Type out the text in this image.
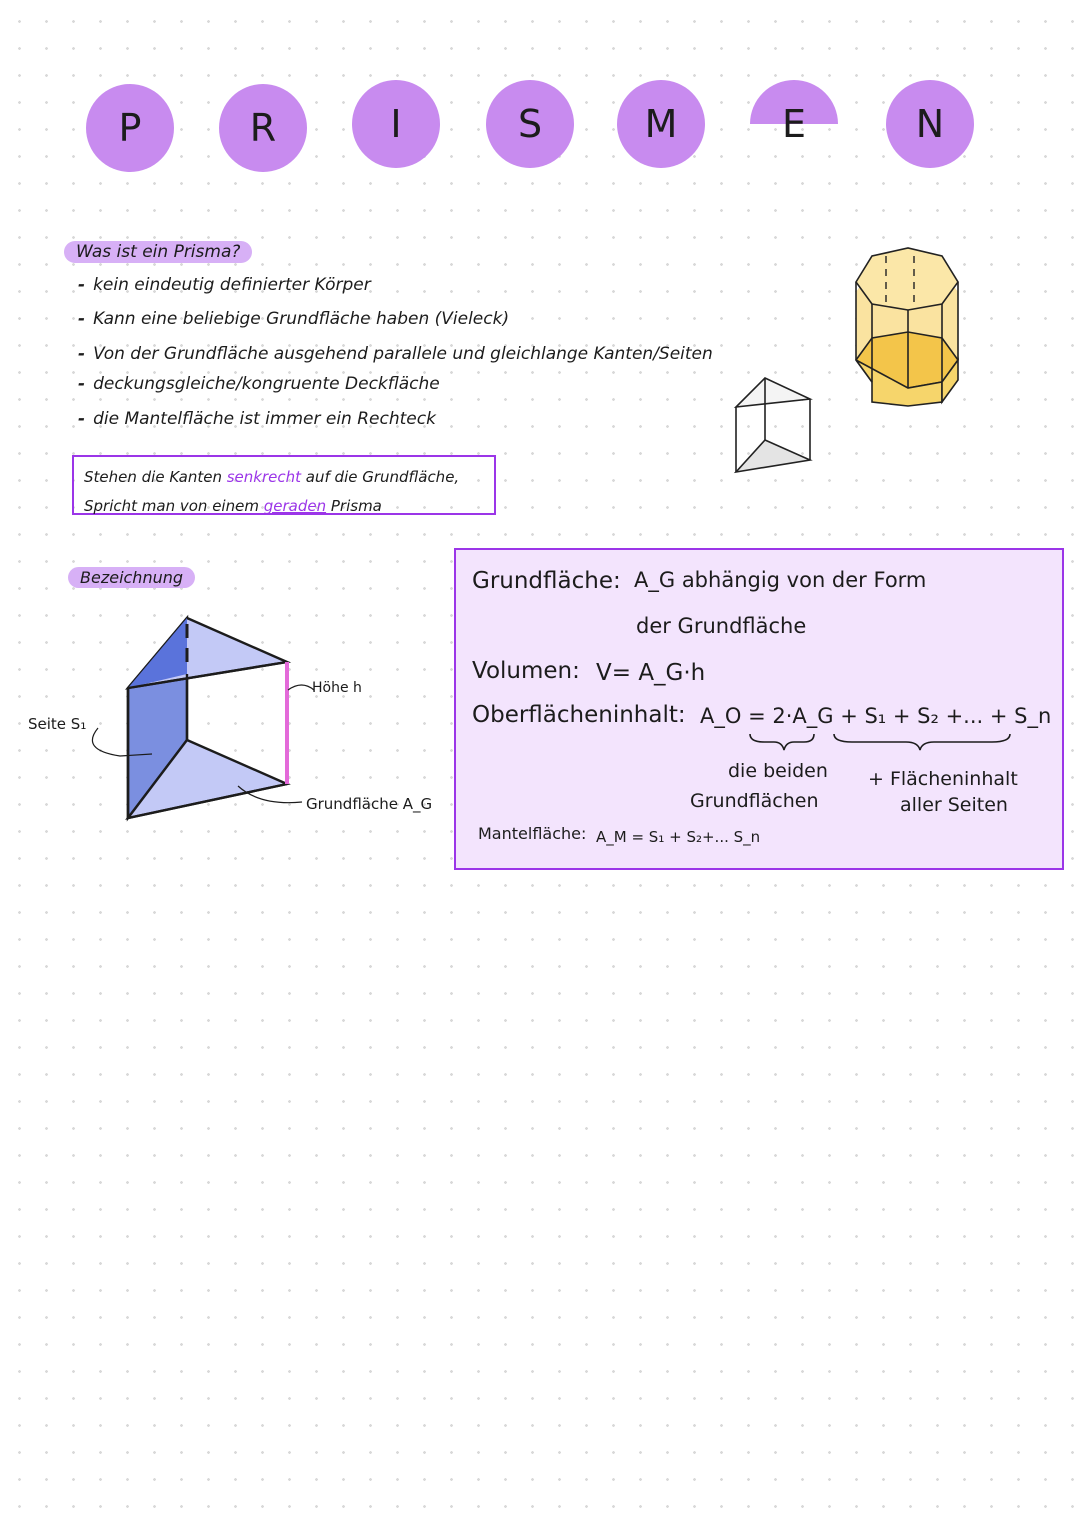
P	R	I	S	M	E	N
Was ist ein Prisma?
- kein eindeutig definierter Körper
- Kann eine beliebige Grundfläche haben (Vieleck)
- Von der Grundfläche ausgehend parallele und gleichlange Kanten/Seiten
- deckungsgleiche/kongruente Deckfläche
- die Mantelfläche ist immer ein Rechteck
Stehen die Kanten senkrecht auf die Grundfläche,
Spricht man von einem geraden Prisma
Bezeichnung
Höhe h
Seite S₁
Grundfläche A_G
Grundfläche: A_G abhängig von der Form
der Grundfläche
Volumen: V= A_G·h
Oberflächeninhalt: A_O = 2·A_G + S₁ + S₂ +... + S_n
die beiden
Grundflächen
+ Flächeninhalt
aller Seiten
Mantelfläche: A_M = S₁ + S₂+... S_n
